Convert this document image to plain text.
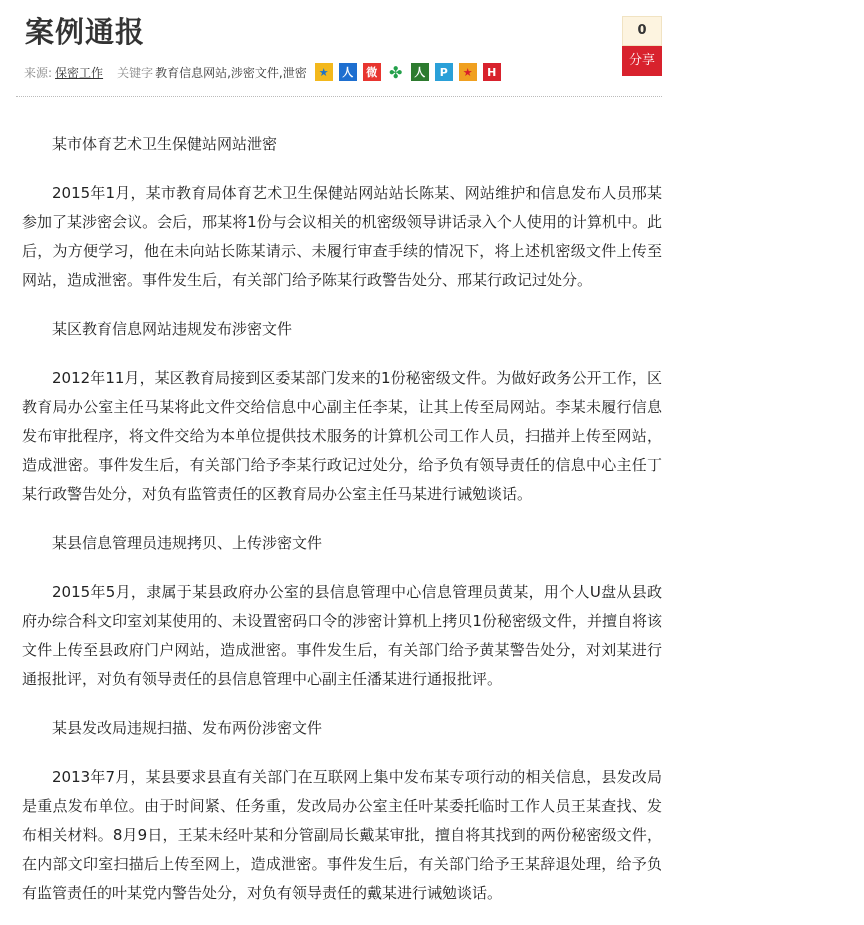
案例通报
来源: 保密工作 关键字 教育信息网站,涉密文件,泄密	★	人	微 ✤	人	P	★	H
0
分享

某市体育艺术卫生保健站网站泄密

2015年1月，某市教育局体育艺术卫生保健站网站站长陈某、网站维护和信息发布人员邢某参加了某涉密会议。会后，邢某将1份与会议相关的机密级领导讲话录入个人使用的计算机中。此后，为方便学习，他在未向站长陈某请示、未履行审查手续的情况下，将上述机密级文件上传至网站，造成泄密。事件发生后，有关部门给予陈某行政警告处分、邢某行政记过处分。

某区教育信息网站违规发布涉密文件

2012年11月，某区教育局接到区委某部门发来的1份秘密级文件。为做好政务公开工作，区教育局办公室主任马某将此文件交给信息中心副主任李某，让其上传至局网站。李某未履行信息发布审批程序，将文件交给为本单位提供技术服务的计算机公司工作人员，扫描并上传至网站，造成泄密。事件发生后，有关部门给予李某行政记过处分，给予负有领导责任的信息中心主任丁某行政警告处分，对负有监管责任的区教育局办公室主任马某进行诫勉谈话。

某县信息管理员违规拷贝、上传涉密文件

2015年5月，隶属于某县政府办公室的县信息管理中心信息管理员黄某，用个人U盘从县政府办综合科文印室刘某使用的、未设置密码口令的涉密计算机上拷贝1份秘密级文件，并擅自将该文件上传至县政府门户网站，造成泄密。事件发生后，有关部门给予黄某警告处分，对刘某进行通报批评，对负有领导责任的县信息管理中心副主任潘某进行通报批评。

某县发改局违规扫描、发布两份涉密文件

2013年7月，某县要求县直有关部门在互联网上集中发布某专项行动的相关信息，县发改局是重点发布单位。由于时间紧、任务重，发改局办公室主任叶某委托临时工作人员王某查找、发布相关材料。8月9日，王某未经叶某和分管副局长戴某审批，擅自将其找到的两份秘密级文件，在内部文印室扫描后上传至网上，造成泄密。事件发生后，有关部门给予王某辞退处理，给予负有监管责任的叶某党内警告处分，对负有领导责任的戴某进行诫勉谈话。
